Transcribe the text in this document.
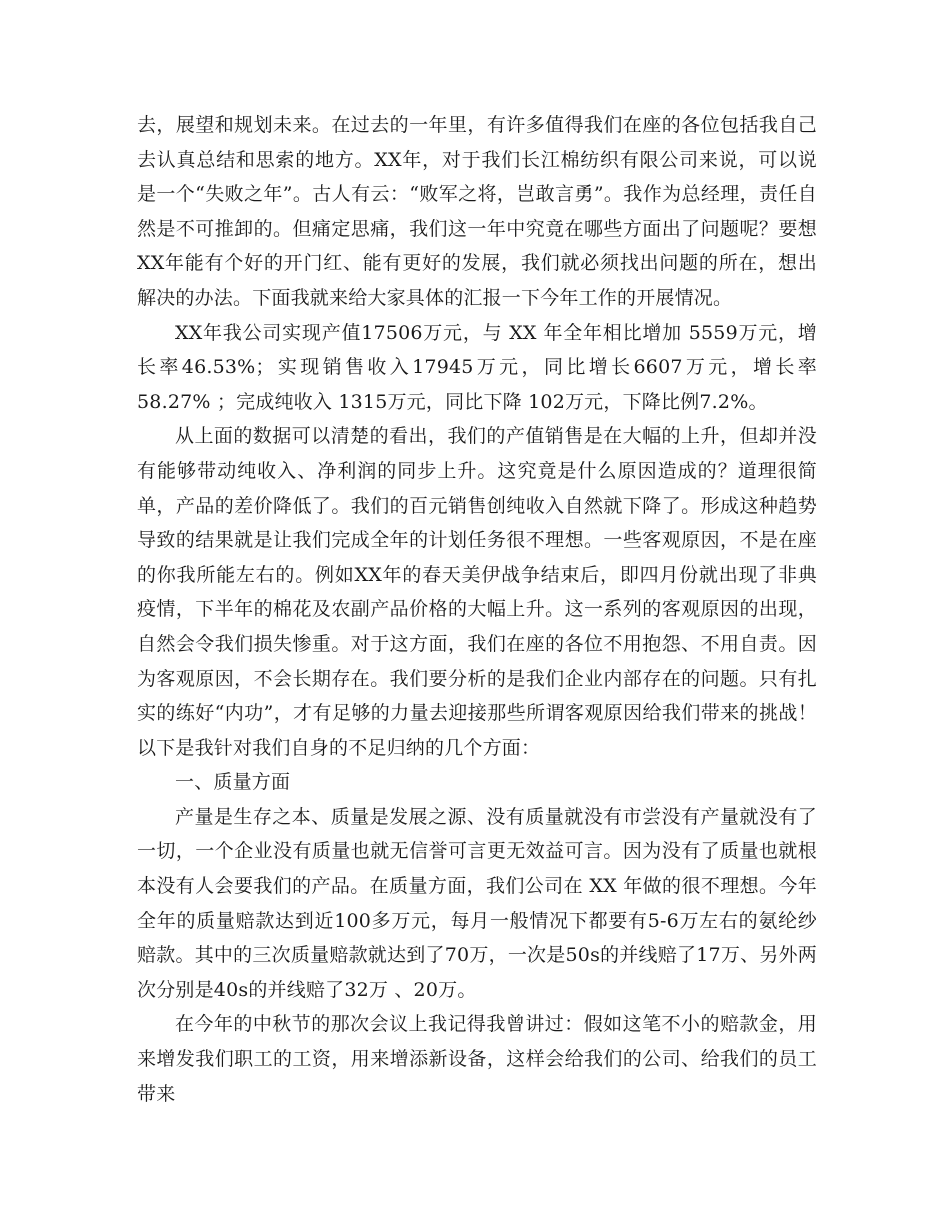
去，展望和规划未来。在过去的一年里，有许多值得我们在座的各位包括我自己去认真总结和思索的地方。XX年，对于我们长江棉纺织有限公司来说，可以说是一个“失败之年”。古人有云：“败军之将，岂敢言勇”。我作为总经理，责任自然是不可推卸的。但痛定思痛，我们这一年中究竟在哪些方面出了问题呢？要想XX年能有个好的开门红、能有更好的发展，我们就必须找出问题的所在，想出解决的办法。下面我就来给大家具体的汇报一下今年工作的开展情况。

XX年我公司实现产值17506万元，与 XX 年全年相比增加 5559万元，增长率46.53%；实现销售收入17945万元，同比增长6607万元，增长率58.27% ；完成纯收入 1315万元，同比下降 102万元，下降比例7.2%。

从上面的数据可以清楚的看出，我们的产值销售是在大幅的上升，但却并没有能够带动纯收入、净利润的同步上升。这究竟是什么原因造成的？道理很简单，产品的差价降低了。我们的百元销售创纯收入自然就下降了。形成这种趋势导致的结果就是让我们完成全年的计划任务很不理想。一些客观原因，不是在座的你我所能左右的。例如XX年的春天美伊战争结束后，即四月份就出现了非典疫情，下半年的棉花及农副产品价格的大幅上升。这一系列的客观原因的出现，自然会令我们损失惨重。对于这方面，我们在座的各位不用抱怨、不用自责。因为客观原因，不会长期存在。我们要分析的是我们企业内部存在的问题。只有扎实的练好“内功”，才有足够的力量去迎接那些所谓客观原因给我们带来的挑战！以下是我针对我们自身的不足归纳的几个方面：

一、质量方面

产量是生存之本、质量是发展之源、没有质量就没有市尝没有产量就没有了一切，一个企业没有质量也就无信誉可言更无效益可言。因为没有了质量也就根本没有人会要我们的产品。在质量方面，我们公司在 XX 年做的很不理想。今年全年的质量赔款达到近100多万元，每月一般情况下都要有5-6万左右的氨纶纱赔款。其中的三次质量赔款就达到了70万，一次是50s的并线赔了17万、另外两次分别是40s的并线赔了32万 、20万。

在今年的中秋节的那次会议上我记得我曾讲过：假如这笔不小的赔款金，用来增发我们职工的工资，用来增添新设备，这样会给我们的公司、给我们的员工带来
